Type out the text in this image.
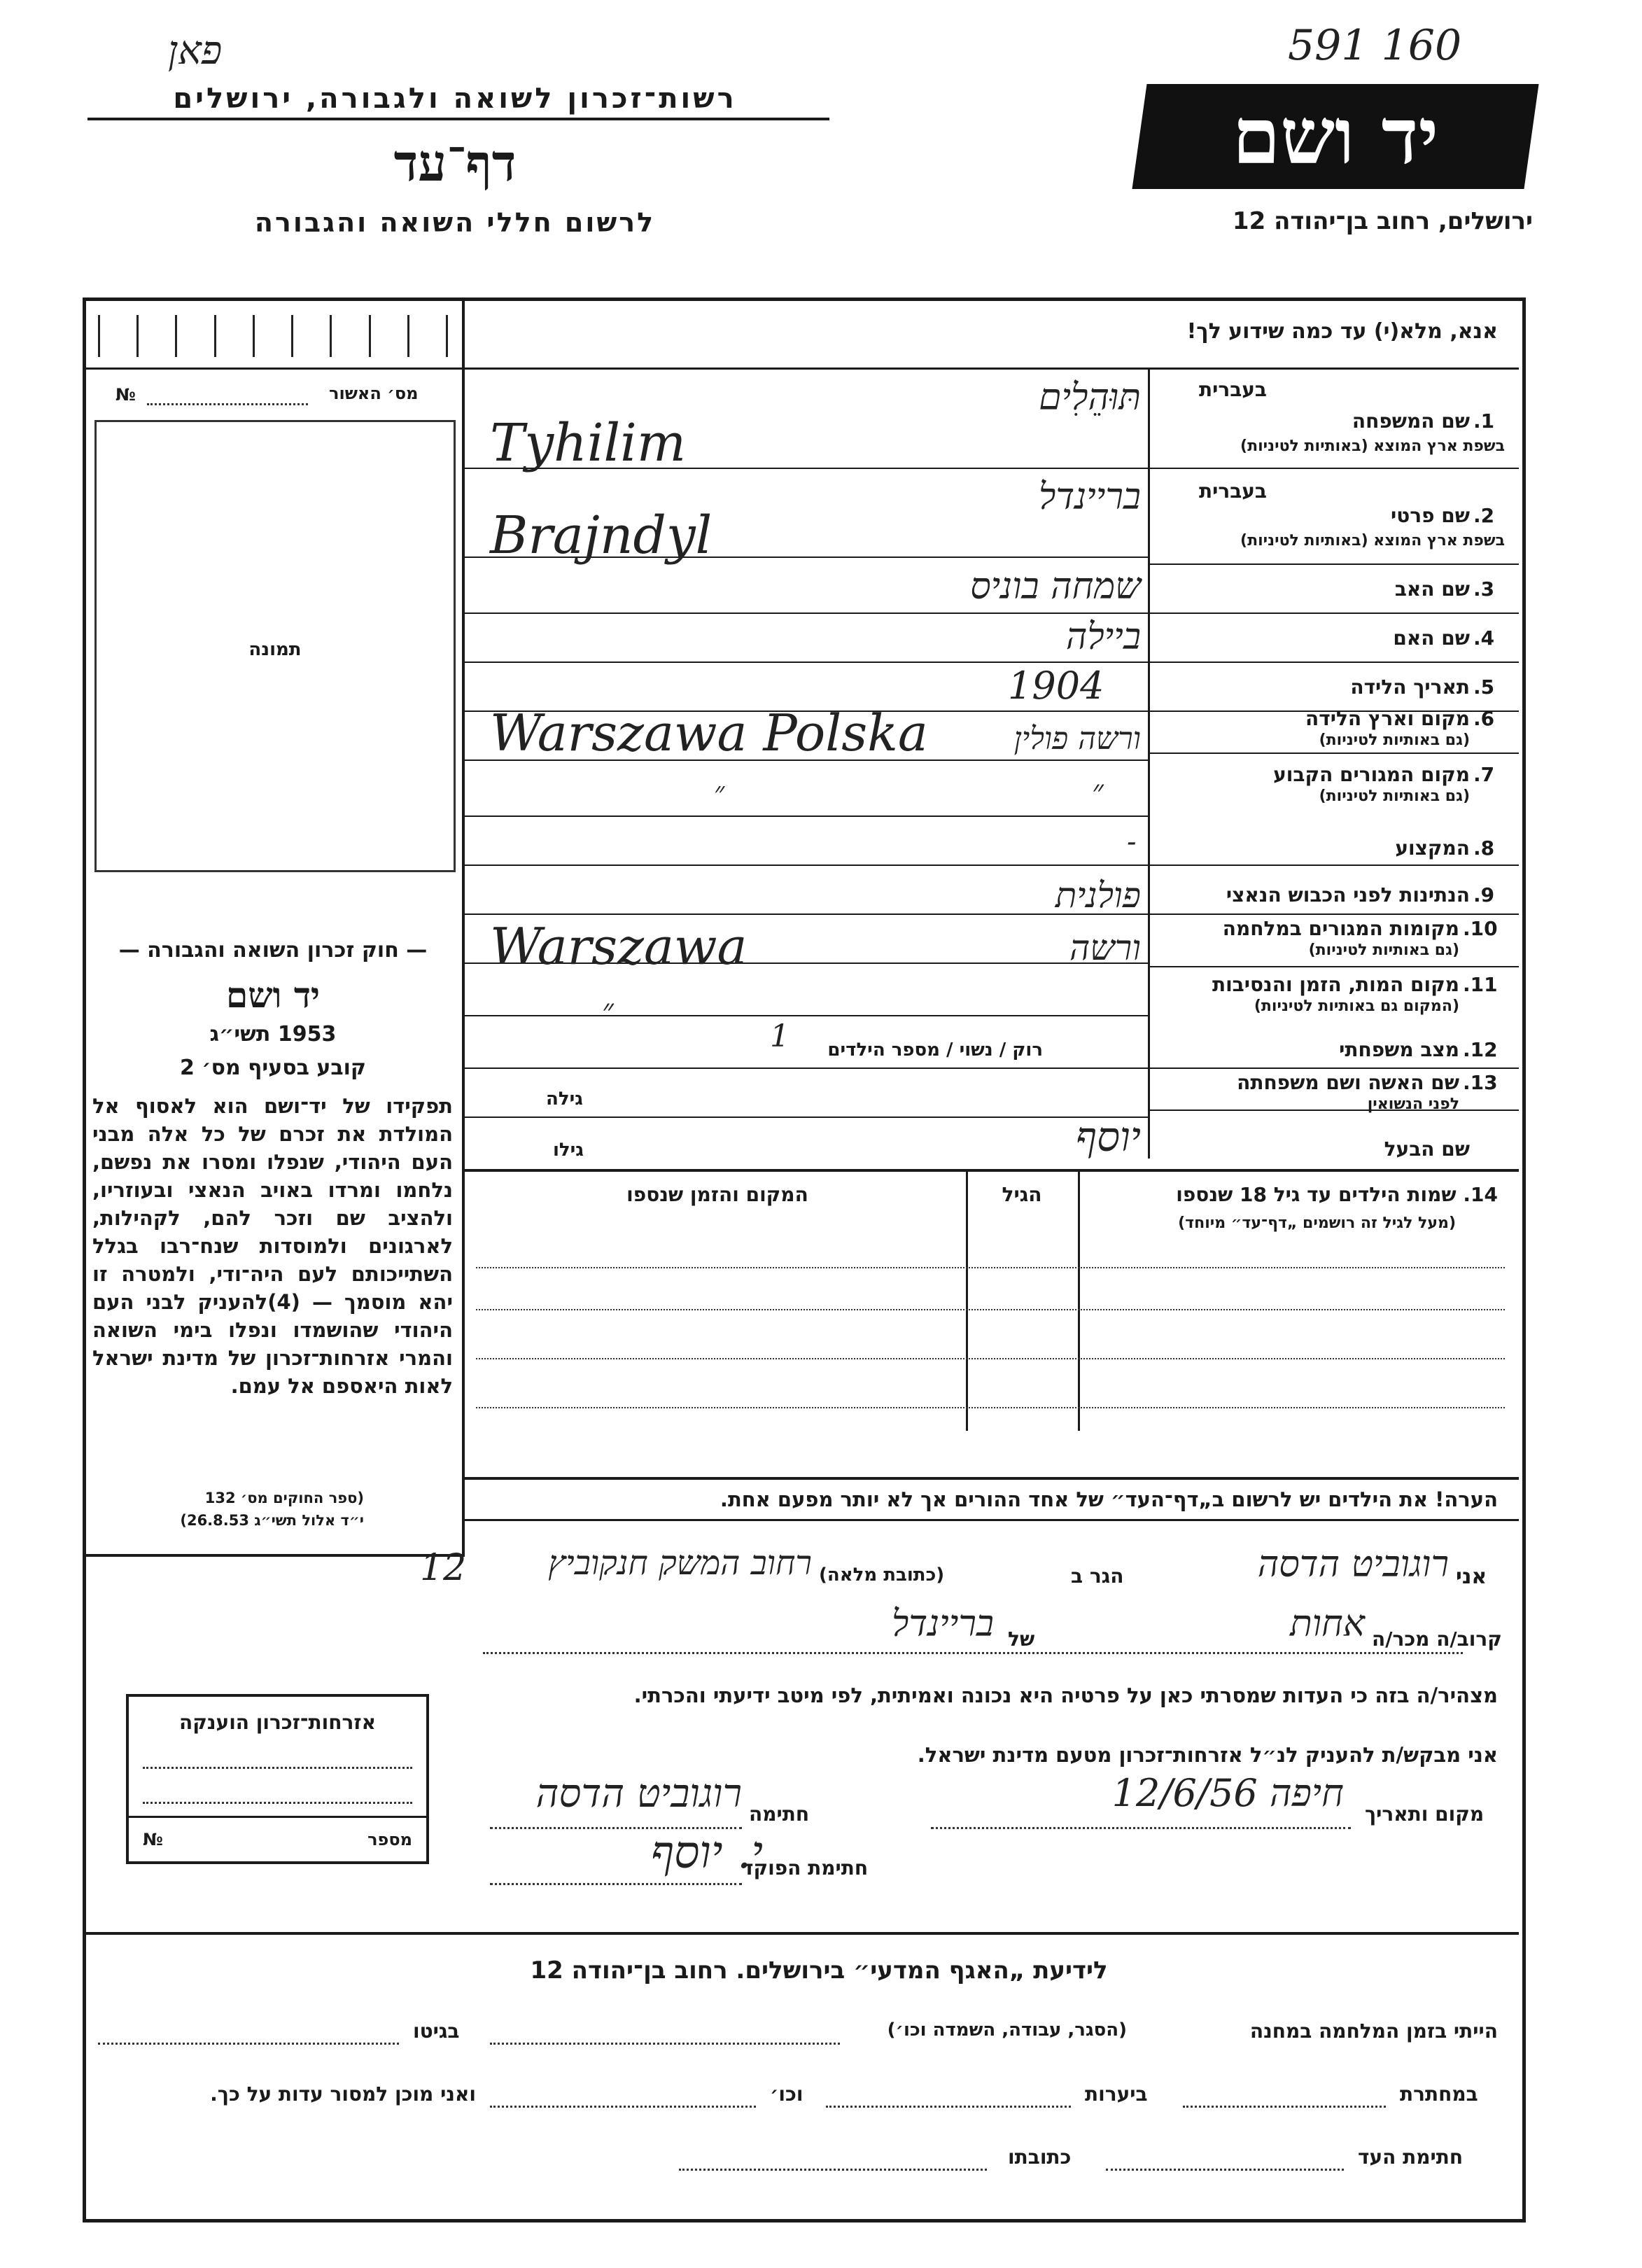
פאן	591 160
רשות־זכרון לשואה ולגבורה, ירושלים
דף־עד
לרשום חללי השואה והגבורה
יד ושם
ירושלים, רחוב בן־יהודה 12
מס׳ האשור
№
תמונה
— חוק זכרון השואה והגבורה —
יד ושם
1953 תשי״ג
קובע בסעיף מס׳ 2
תפקידו של יד־ושם הוא לאסוף אל המולדת את זכרם של כל אלה מבני העם היהודי, שנפלו ומסרו את נפשם, נלחמו ומרדו באויב הנאצי ובעוזריו, ולהציב שם וזכר להם, לקהילות, לארגונים ולמוסדות שנח־רבו בגלל השתייכותם לעם היה־ודי, ולמטרה זו יהא מוסמך — (4)להעניק לבני העם היהודי שהושמדו ונפלו בימי השואה והמרי אזרחות־זכרון של מדינת ישראל לאות היאספם אל עמם.
(ספר החוקים מס׳ 132
י״ד אלול תשי״ג 26.8.53)
אזרחות־זכרון הוענקה
מספר
№
אנא, מלא(י) עד כמה שידוע לך!
1.
שם המשפחה
בשפת ארץ המוצא (באותיות לטיניות)
בעברית
תּוּהֵלִים
Tyhilim
2.
שם פרטי
בשפת ארץ המוצא (באותיות לטיניות)
בעברית
בריינדל
Brajndyl
3.
שם האב
שמחה בוניס
4.
שם האם
ביילה
5.
תאריך הלידה
1904
6.
מקום וארץ הלידה
(גם באותיות לטיניות)
ורשה פולין
Warszawa Polska
7.
מקום המגורים הקבוע
(גם באותיות לטיניות)
״
״
8.
המקצוע
-
9.
הנתינות לפני הכבוש הנאצי
פולנית
10.
מקומות המגורים במלחמה
(גם באותיות לטיניות)
ורשה
Warszawa
11.
מקום המות, הזמן והנסיבות
(המקום גם באותיות לטיניות)
״
12.
מצב משפחתי
רוק / נשוי / מספר הילדים
1
13.
שם האשה ושם משפחתה
לפני הנשואין
גילה
שם הבעל
יוסף
גילו
14. שמות הילדים עד גיל 18 שנספו
(מעל לגיל זה רושמים „דף־עד״ מיוחד)
הגיל
המקום והזמן שנספו
הערה! את הילדים יש לרשום ב„דף־העד״ של אחד ההורים אך לא יותר מפעם אחת.
אני
רוגוביט הדסה
הגר ב
(כתובת מלאה)
רחוב המשק חנקוביץ
12
קרוב/ה מכר/ה
אחות
של
בריינדל
מצהיר/ה בזה כי העדות שמסרתי כאן על פרטיה היא נכונה ואמיתית, לפי מיטב ידיעתי והכרתי.
אני מבקש/ת להעניק לנ״ל אזרחות־זכרון מטעם מדינת ישראל.
מקום ותאריך
חיפה 12/6/56
חתימה
רוגוביט הדסה
חתימת הפוקד
י. יוסף
לידיעת „האגף המדעי״ בירושלים. רחוב בן־יהודה 12
הייתי בזמן המלחמה במחנה
(הסגר, עבודה, השמדה וכו׳)
בגיטו
במחתרת
ביערות
וכו׳
ואני מוכן למסור עדות על כך.
חתימת העד
כתובתו
